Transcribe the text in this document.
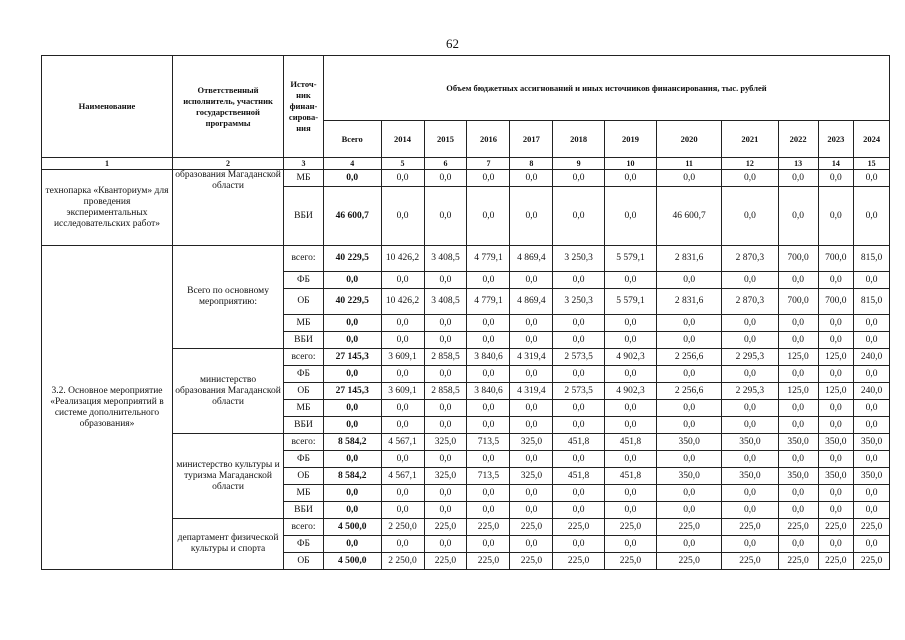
62
Наименование	Ответственный исполнитель, участник государственной программы	Источ-ник финан-сирова-ния	Объем бюджетных ассигнований и иных источников финансирования, тыс. рублей											
			Всего	2014	2015	2016	2017	2018	2019	2020	2021	2022	2023	2024
1	2	3	4	5	6	7	8	9	10	11	12	13	14	15
технопарка «Кванториум» для проведения экспериментальных исследовательских работ»	образования Магаданской области	МБ	0,0	0,0	0,0	0,0	0,0	0,0	0,0	0,0	0,0	0,0	0,0	0,0
		ВБИ	46 600,7	0,0	0,0	0,0	0,0	0,0	0,0	46 600,7	0,0	0,0	0,0	0,0
3.2. Основное мероприятие «Реализация мероприятий в системе дополнительного образования»	Всего по основному мероприятию:	всего:	40 229,5	10 426,2	3 408,5	4 779,1	4 869,4	3 250,3	5 579,1	2 831,6	2 870,3	700,0	700,0	815,0
		ФБ	0,0	0,0	0,0	0,0	0,0	0,0	0,0	0,0	0,0	0,0	0,0	0,0
		ОБ	40 229,5	10 426,2	3 408,5	4 779,1	4 869,4	3 250,3	5 579,1	2 831,6	2 870,3	700,0	700,0	815,0
		МБ	0,0	0,0	0,0	0,0	0,0	0,0	0,0	0,0	0,0	0,0	0,0	0,0
		ВБИ	0,0	0,0	0,0	0,0	0,0	0,0	0,0	0,0	0,0	0,0	0,0	0,0
	министерство образования Магаданской области	всего:	27 145,3	3 609,1	2 858,5	3 840,6	4 319,4	2 573,5	4 902,3	2 256,6	2 295,3	125,0	125,0	240,0
		ФБ	0,0	0,0	0,0	0,0	0,0	0,0	0,0	0,0	0,0	0,0	0,0	0,0
		ОБ	27 145,3	3 609,1	2 858,5	3 840,6	4 319,4	2 573,5	4 902,3	2 256,6	2 295,3	125,0	125,0	240,0
		МБ	0,0	0,0	0,0	0,0	0,0	0,0	0,0	0,0	0,0	0,0	0,0	0,0
		ВБИ	0,0	0,0	0,0	0,0	0,0	0,0	0,0	0,0	0,0	0,0	0,0	0,0
	министерство культуры и туризма Магаданской области	всего:	8 584,2	4 567,1	325,0	713,5	325,0	451,8	451,8	350,0	350,0	350,0	350,0	350,0
		ФБ	0,0	0,0	0,0	0,0	0,0	0,0	0,0	0,0	0,0	0,0	0,0	0,0
		ОБ	8 584,2	4 567,1	325,0	713,5	325,0	451,8	451,8	350,0	350,0	350,0	350,0	350,0
		МБ	0,0	0,0	0,0	0,0	0,0	0,0	0,0	0,0	0,0	0,0	0,0	0,0
		ВБИ	0,0	0,0	0,0	0,0	0,0	0,0	0,0	0,0	0,0	0,0	0,0	0,0
	департамент физической культуры и спорта	всего:	4 500,0	2 250,0	225,0	225,0	225,0	225,0	225,0	225,0	225,0	225,0	225,0	225,0
		ФБ	0,0	0,0	0,0	0,0	0,0	0,0	0,0	0,0	0,0	0,0	0,0	0,0
		ОБ	4 500,0	2 250,0	225,0	225,0	225,0	225,0	225,0	225,0	225,0	225,0	225,0	225,0
